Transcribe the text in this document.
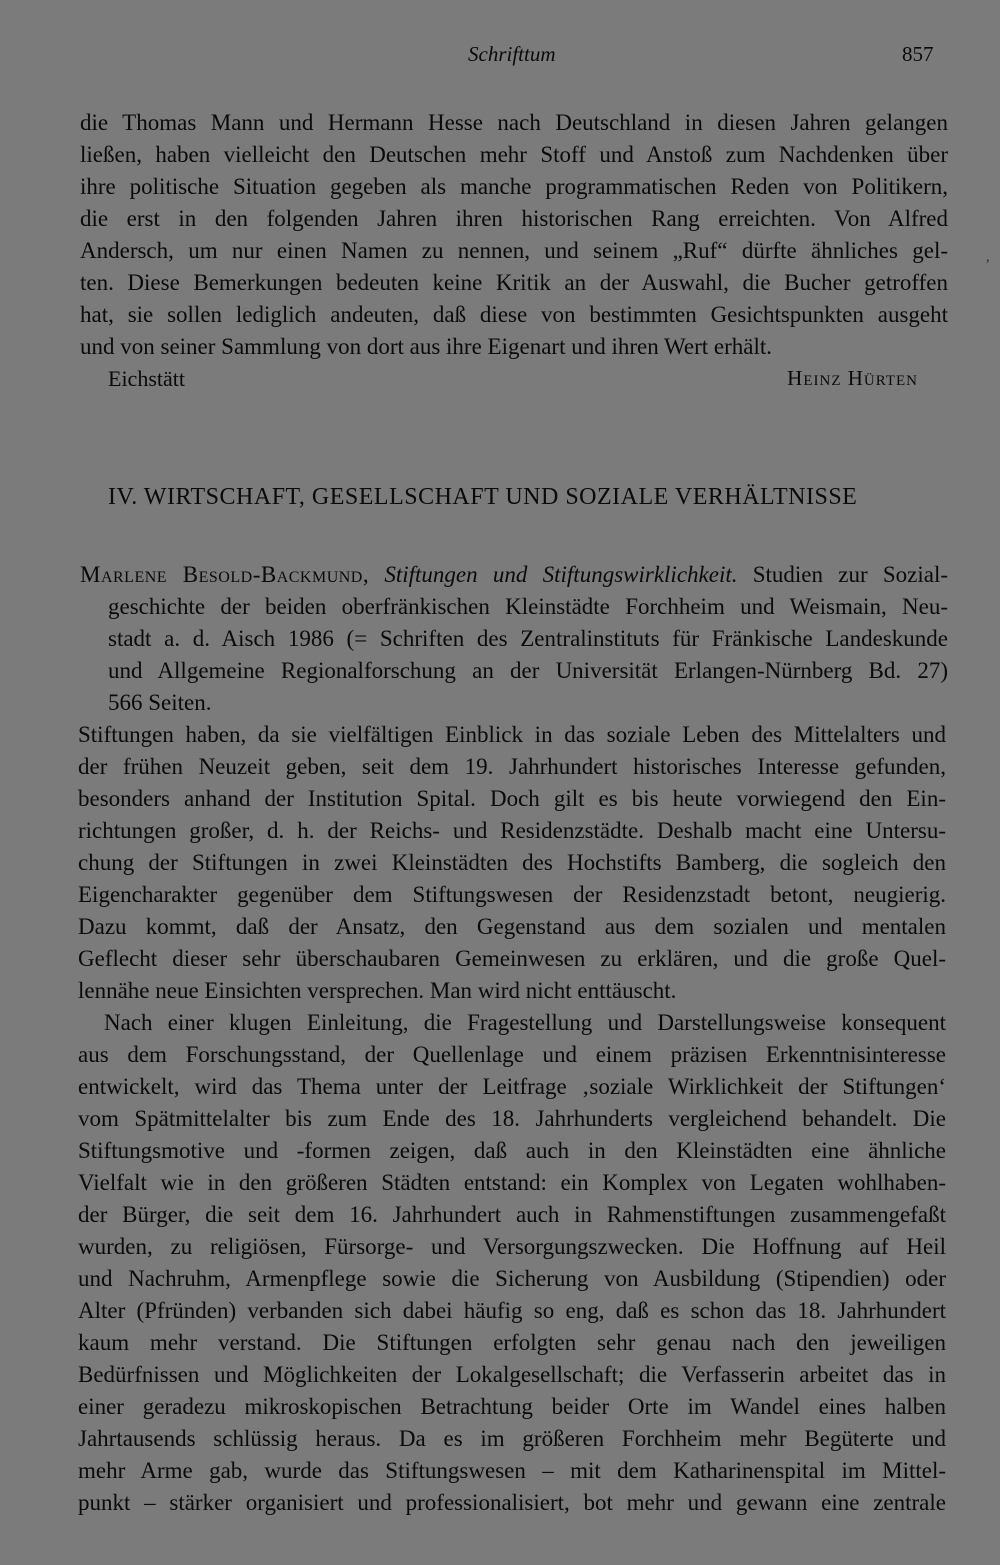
Schrifttum	857
die Thomas Mann und Hermann Hesse nach Deutschland in diesen Jahren gelangen
ließen, haben vielleicht den Deutschen mehr Stoff und Anstoß zum Nachdenken über
ihre politische Situation gegeben als manche programmatischen Reden von Politikern,
die erst in den folgenden Jahren ihren historischen Rang erreichten. Von Alfred
Andersch, um nur einen Namen zu nennen, und seinem „Ruf“ dürfte ähnliches gel-
ten. Diese Bemerkungen bedeuten keine Kritik an der Auswahl, die Bucher getroffen
hat, sie sollen lediglich andeuten, daß diese von bestimmten Gesichtspunkten ausgeht
und von seiner Sammlung von dort aus ihre Eigenart und ihren Wert erhält.
,
Eichstätt	Heinz Hürten
IV. WIRTSCHAFT, GESELLSCHAFT UND SOZIALE VERHÄLTNISSE
Marlene Besold-Backmund, Stiftungen und Stiftungswirklichkeit. Studien zur Sozial-
geschichte der beiden oberfränkischen Kleinstädte Forchheim und Weismain, Neu-
stadt a. d. Aisch 1986 (= Schriften des Zentralinstituts für Fränkische Landeskunde
und Allgemeine Regionalforschung an der Universität Erlangen-Nürnberg Bd. 27)
566 Seiten.
Stiftungen haben, da sie vielfältigen Einblick in das soziale Leben des Mittelalters und
der frühen Neuzeit geben, seit dem 19. Jahrhundert historisches Interesse gefunden,
besonders anhand der Institution Spital. Doch gilt es bis heute vorwiegend den Ein-
richtungen großer, d. h. der Reichs- und Residenzstädte. Deshalb macht eine Untersu-
chung der Stiftungen in zwei Kleinstädten des Hochstifts Bamberg, die sogleich den
Eigencharakter gegenüber dem Stiftungswesen der Residenzstadt betont, neugierig.
Dazu kommt, daß der Ansatz, den Gegenstand aus dem sozialen und mentalen
Geflecht dieser sehr überschaubaren Gemeinwesen zu erklären, und die große Quel-
lennähe neue Einsichten versprechen. Man wird nicht enttäuscht.
Nach einer klugen Einleitung, die Fragestellung und Darstellungsweise konsequent
aus dem Forschungsstand, der Quellenlage und einem präzisen Erkenntnisinteresse
entwickelt, wird das Thema unter der Leitfrage ‚soziale Wirklichkeit der Stiftungen‘
vom Spätmittelalter bis zum Ende des 18. Jahrhunderts vergleichend behandelt. Die
Stiftungsmotive und -formen zeigen, daß auch in den Kleinstädten eine ähnliche
Vielfalt wie in den größeren Städten entstand: ein Komplex von Legaten wohlhaben-
der Bürger, die seit dem 16. Jahrhundert auch in Rahmenstiftungen zusammengefaßt
wurden, zu religiösen, Fürsorge- und Versorgungszwecken. Die Hoffnung auf Heil
und Nachruhm, Armenpflege sowie die Sicherung von Ausbildung (Stipendien) oder
Alter (Pfründen) verbanden sich dabei häufig so eng, daß es schon das 18. Jahrhundert
kaum mehr verstand. Die Stiftungen erfolgten sehr genau nach den jeweiligen
Bedürfnissen und Möglichkeiten der Lokalgesellschaft; die Verfasserin arbeitet das in
einer geradezu mikroskopischen Betrachtung beider Orte im Wandel eines halben
Jahrtausends schlüssig heraus. Da es im größeren Forchheim mehr Begüterte und
mehr Arme gab, wurde das Stiftungswesen – mit dem Katharinenspital im Mittel-
punkt – stärker organisiert und professionalisiert, bot mehr und gewann eine zentrale
